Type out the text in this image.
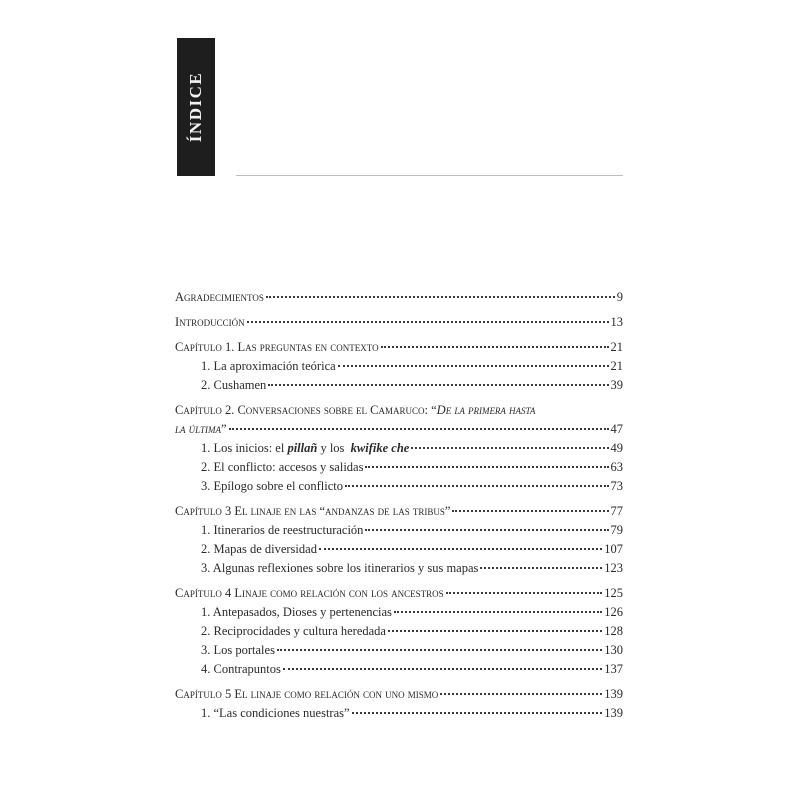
ÍNDICE
Agradecimientos	9
Introducción	13
Capítulo 1. Las preguntas en contexto	21
1. La aproximación teórica	21
2. Cushamen	39
Capítulo 2. Conversaciones sobre el Camaruco: “De la primera hasta
la última”	47
1. Los inicios: el pillañ y los  kwifike che	49
2. El conflicto: accesos y salidas	63
3. Epílogo sobre el conflicto	73
Capítulo 3 El linaje en las “andanzas de las tribus”	77
1. Itinerarios de reestructuración	79
2. Mapas de diversidad	107
3. Algunas reflexiones sobre los itinerarios y sus mapas	123
Capítulo 4 Linaje como relación con los ancestros	125
1. Antepasados, Dioses y pertenencias	126
2. Reciprocidades y cultura heredada	128
3. Los portales	130
4. Contrapuntos	137
Capítulo 5 El linaje como relación con uno mismo	139
1. “Las condiciones nuestras”	139
